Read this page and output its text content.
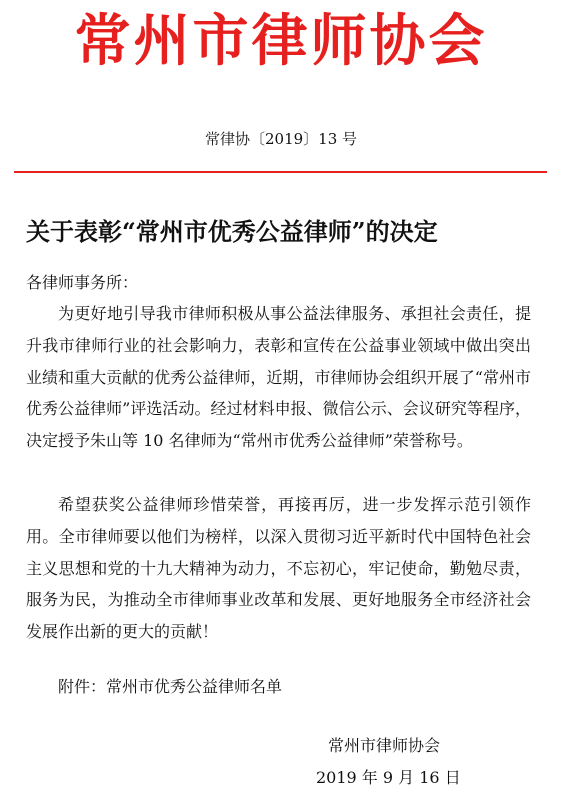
常州市律师协会
常律协〔2019〕13 号
关于表彰“常州市优秀公益律师”的决定
各律师事务所：

为更好地引导我市律师积极从事公益法律服务、承担社会责任，提升我市律师行业的社会影响力，表彰和宣传在公益事业领域中做出突出业绩和重大贡献的优秀公益律师，近期，市律师协会组织开展了“常州市优秀公益律师”评选活动。经过材料申报、微信公示、会议研究等程序，决定授予朱山等 10 名律师为“常州市优秀公益律师”荣誉称号。

希望获奖公益律师珍惜荣誉，再接再厉，进一步发挥示范引领作用。全市律师要以他们为榜样，以深入贯彻习近平新时代中国特色社会主义思想和党的十九大精神为动力，不忘初心，牢记使命，勤勉尽责，服务为民，为推动全市律师事业改革和发展、更好地服务全市经济社会发展作出新的更大的贡献！

附件：常州市优秀公益律师名单
常州市律师协会
2019 年 9 月 16 日
